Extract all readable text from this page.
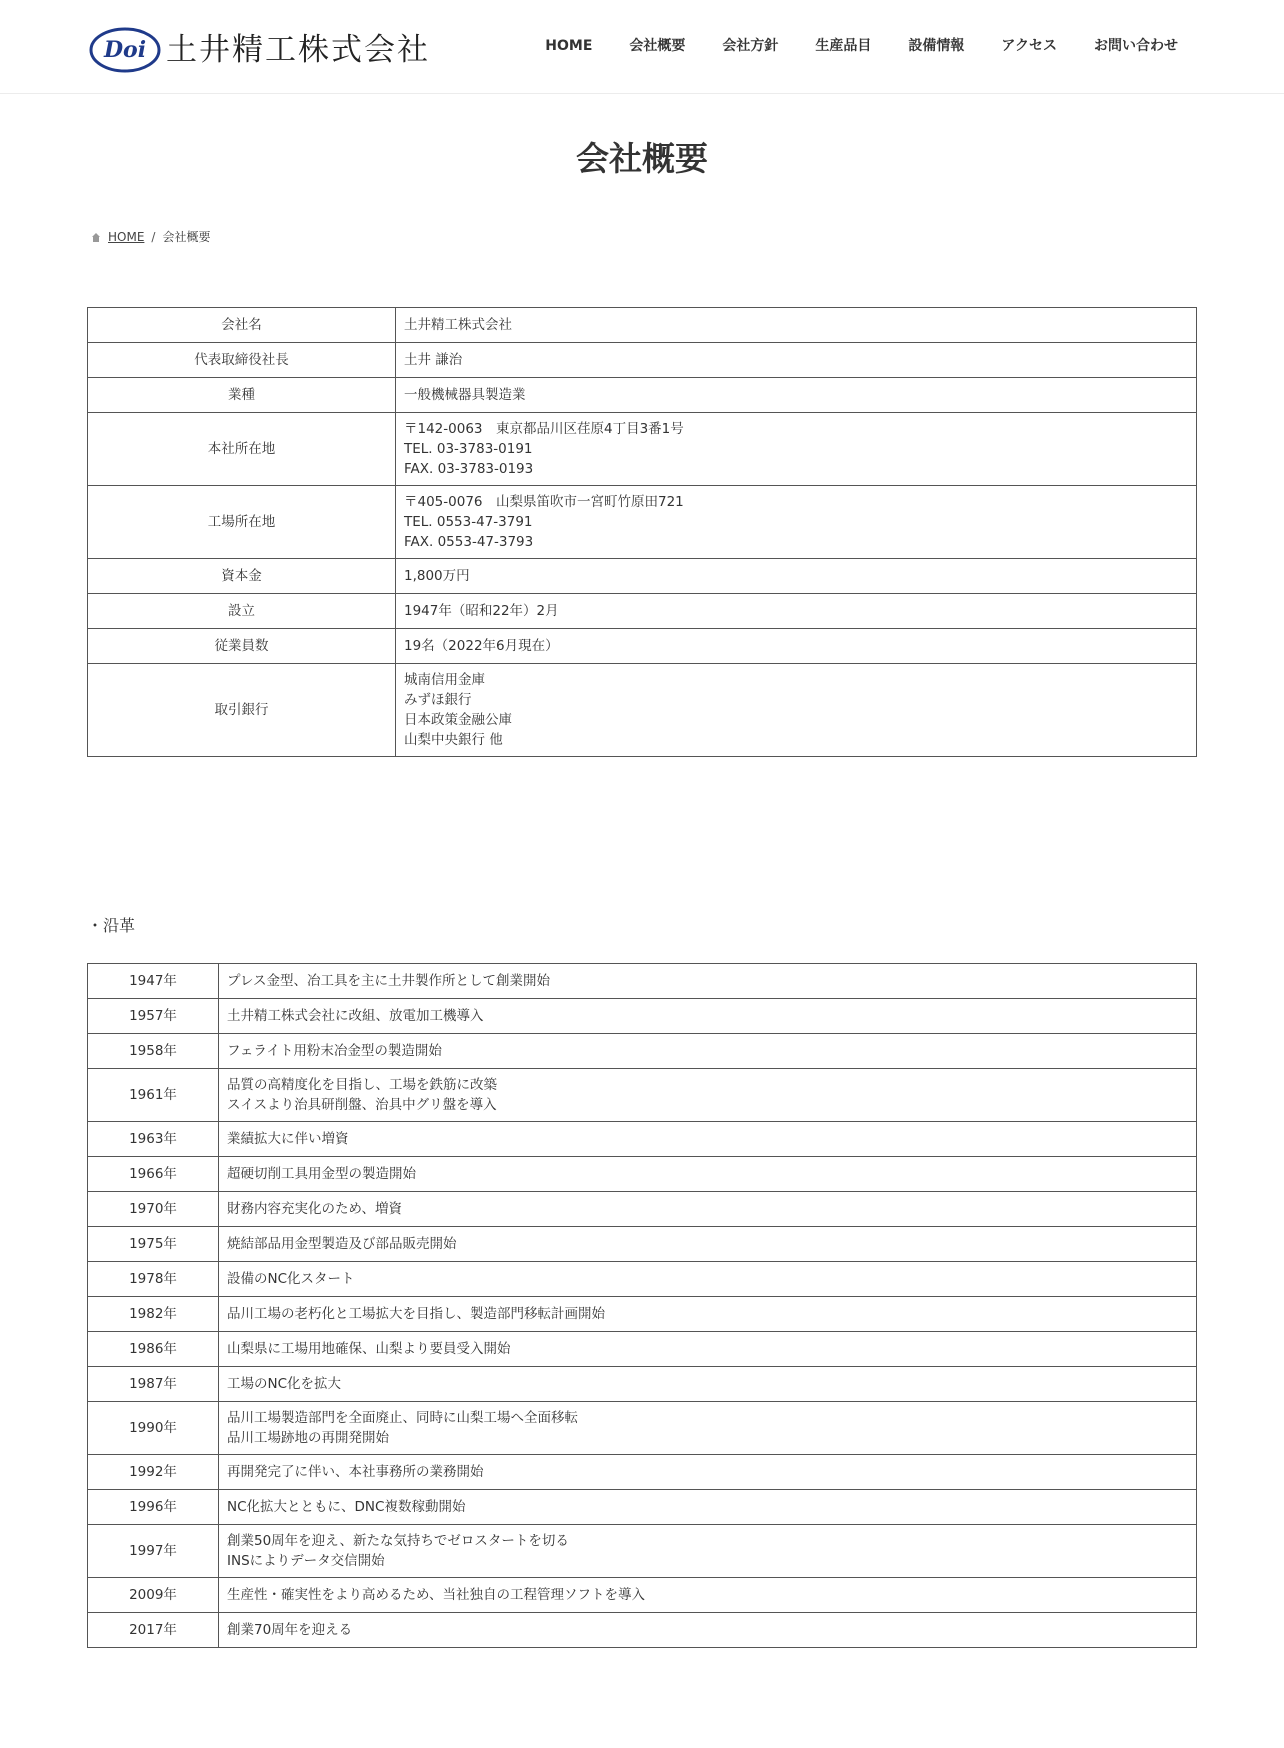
Doi 土井精工株式会社	HOME	会社概要	会社方針	生産品目	設備情報	アクセス	お問い合わせ
会社概要
HOME / 会社概要
会社名	土井精工株式会社

代表取締役社長	土井 謙治

業種	一般機械器具製造業

本社所在地	〒142-0063　東京都品川区荏原4丁目3番1号
TEL. 03-3783-0191
FAX. 03-3783-0193

工場所在地	〒405-0076　山梨県笛吹市一宮町竹原田721
TEL. 0553-47-3791
FAX. 0553-47-3793

資本金	1,800万円

設立	1947年（昭和22年）2月

従業員数	19名（2022年6月現在）

取引銀行	城南信用金庫
みずほ銀行
日本政策金融公庫
山梨中央銀行 他
・沿革
1947年	プレス金型、冶工具を主に土井製作所として創業開始

1957年	土井精工株式会社に改組、放電加工機導入

1958年	フェライト用粉末冶金型の製造開始

1961年	品質の高精度化を目指し、工場を鉄筋に改築
スイスより治具研削盤、治具中グリ盤を導入

1963年	業績拡大に伴い増資

1966年	超硬切削工具用金型の製造開始

1970年	財務内容充実化のため、増資

1975年	焼結部品用金型製造及び部品販売開始

1978年	設備のNC化スタート

1982年	品川工場の老朽化と工場拡大を目指し、製造部門移転計画開始

1986年	山梨県に工場用地確保、山梨より要員受入開始

1987年	工場のNC化を拡大

1990年	品川工場製造部門を全面廃止、同時に山梨工場へ全面移転
品川工場跡地の再開発開始

1992年	再開発完了に伴い、本社事務所の業務開始

1996年	NC化拡大とともに、DNC複数稼動開始

1997年	創業50周年を迎え、新たな気持ちでゼロスタートを切る
INSによりデータ交信開始

2009年	生産性・確実性をより高めるため、当社独自の工程管理ソフトを導入

2017年	創業70周年を迎える
